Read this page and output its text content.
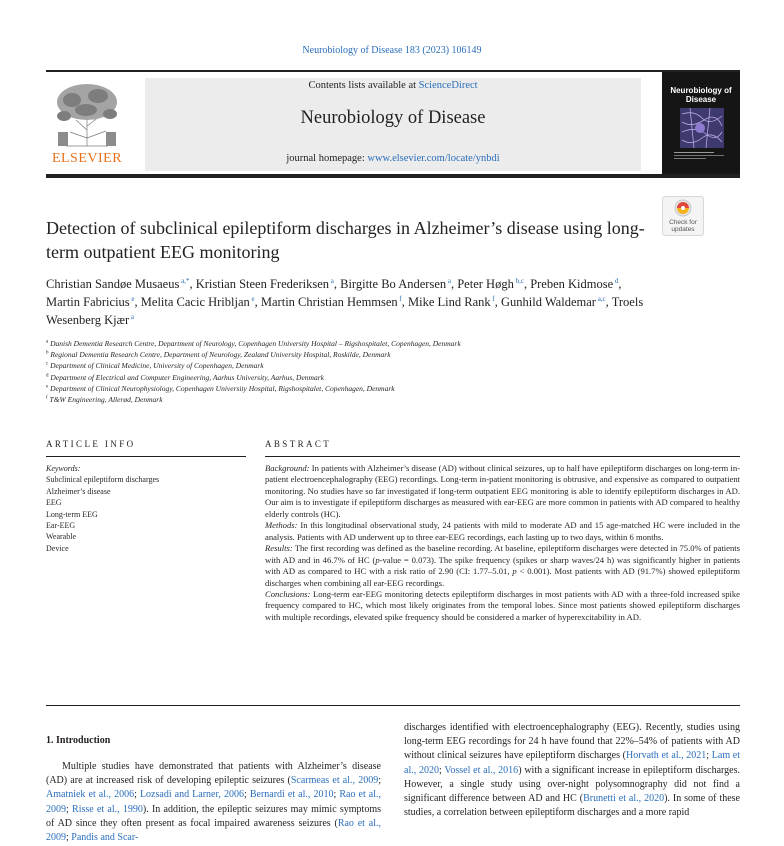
Neurobiology of Disease 183 (2023) 106149
ELSEVIER
Contents lists available at ScienceDirect
Neurobiology of Disease
journal homepage: www.elsevier.com/locate/ynbdi
Neurobiology of Disease
Check for updates
Detection of subclinical epileptiform discharges in Alzheimer’s disease using long-term outpatient EEG monitoring
Christian Sandøe Musaeus $^{a,*}$, Kristian Steen Frederiksen $^a$, Birgitte Bo Andersen $^a$, Peter Høgh $^{b,c}$, Preben Kidmose $^d$, Martin Fabricius $^e$, Melita Cacic Hribljan $^e$, Martin Christian Hemmsen $^f$, Mike Lind Rank $^f$, Gunhild Waldemar $^{a,c}$, Troels Wesenberg Kjær $^a$
$^a$ Danish Dementia Research Centre, Department of Neurology, Copenhagen University Hospital – Rigshospitalet, Copenhagen, Denmark
$^b$ Regional Dementia Research Centre, Department of Neurology, Zealand University Hospital, Roskilde, Denmark
$^c$ Department of Clinical Medicine, University of Copenhagen, Denmark
$^d$ Department of Electrical and Computer Engineering, Aarhus University, Aarhus, Denmark
$^e$ Department of Clinical Neurophysiology, Copenhagen University Hospital, Rigshospitalet, Copenhagen, Denmark
$^f$ T&W Engineering, Allerød, Denmark
ARTICLE INFO	ABSTRACT
Keywords:
Subclinical epileptiform discharges
Alzheimer’s disease
EEG
Long-term EEG
Ear-EEG
Wearable
Device

Background: In patients with Alzheimer’s disease (AD) without clinical seizures, up to half have epileptiform discharges on long-term in-patient electroencephalography (EEG) recordings. Long-term in-patient monitoring is obtrusive, and expensive as compared to outpatient monitoring. No studies have so far investigated if long-term outpatient EEG monitoring is able to identify epileptiform discharges in AD. Our aim is to investigate if epileptiform discharges as measured with ear-EEG are more common in patients with AD compared to healthy elderly controls (HC).

Methods: In this longitudinal observational study, 24 patients with mild to moderate AD and 15 age-matched HC were included in the analysis. Patients with AD underwent up to three ear-EEG recordings, each lasting up to two days, within 6 months.

Results: The first recording was defined as the baseline recording. At baseline, epileptiform discharges were detected in 75.0% of patients with AD and in 46.7% of HC (p-value = 0.073). The spike frequency (spikes or sharp waves/24 h) was significantly higher in patients with AD as compared to HC with a risk ratio of 2.90 (CI: 1.77–5.01, p < 0.001). Most patients with AD (91.7%) showed epileptiform discharges when combining all ear-EEG recordings.

Conclusions: Long-term ear-EEG monitoring detects epileptiform discharges in most patients with AD with a three-fold increased spike frequency compared to HC, which most likely originates from the temporal lobes. Since most patients showed epileptiform discharges with multiple recordings, elevated spike frequency should be considered a marker of hyperexcitability in AD.

1. Introduction
Multiple studies have demonstrated that patients with Alzheimer’s disease (AD) are at increased risk of developing epileptic seizures (Scarmeas et al., 2009; Amatniek et al., 2006; Lozsadi and Larner, 2006; Bernardi et al., 2010; Rao et al., 2009; Risse et al., 1990). In addition, the epileptic seizures may mimic symptoms of AD since they often present as focal impaired awareness seizures (Rao et al., 2009; Pandis and Scar-
discharges identified with electroencephalography (EEG). Recently, studies using long-term EEG recordings for 24 h have found that 22%–54% of patients with AD without clinical seizures have epileptiform discharges (Horvath et al., 2021; Lam et al., 2020; Vossel et al., 2016) with a significant increase in epileptiform discharges. However, a single study using over-night polysomnography did not find a significant difference between AD and HC (Brunetti et al., 2020). In some of these studies, a correlation between epileptiform discharges and a more rapid
